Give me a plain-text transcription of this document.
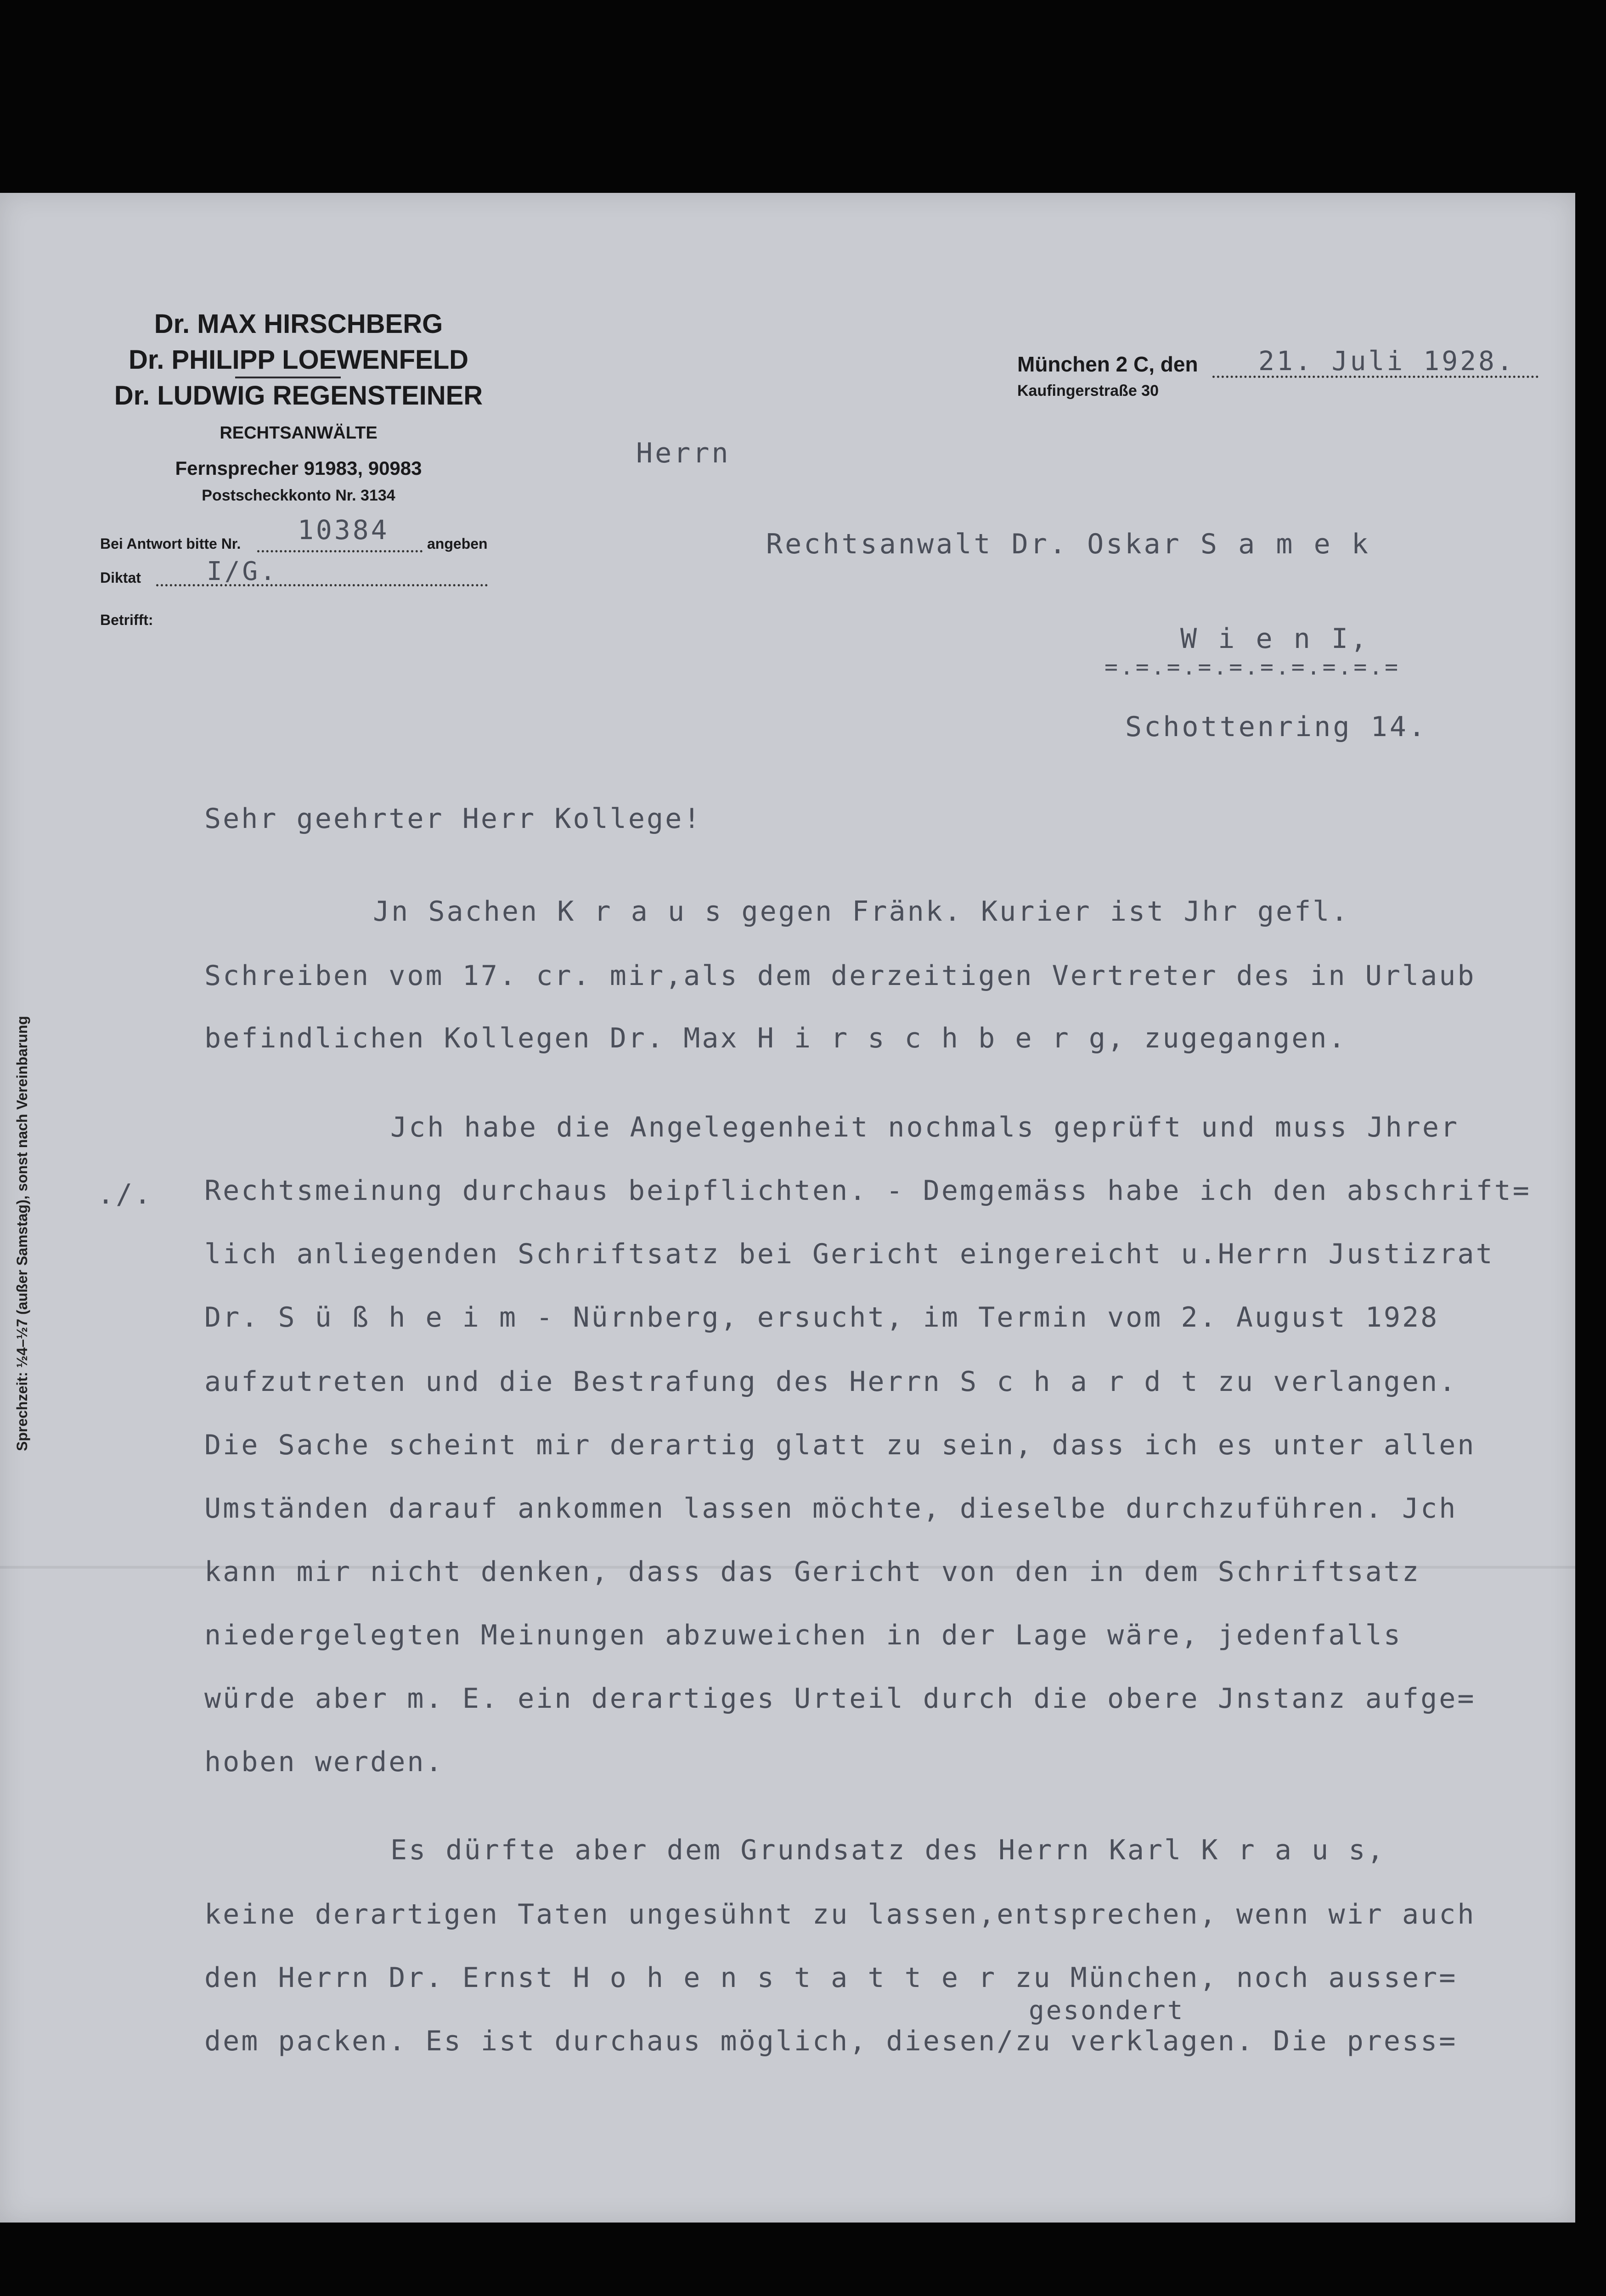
Dr. MAX HIRSCHBERG
Dr. PHILIPP LOEWENFELD
Dr. LUDWIG REGENSTEINER
RECHTSANWÄLTE
Fernsprecher 91983, 90983
Postscheckkonto Nr. 3134
Bei Antwort bitte Nr. 10384	angeben
Diktat	I/G.
Betrifft:
München 2 C, den 21. Juli 1928.
Kaufingerstraße 30
Sprechzeit: ½4–½7 (außer Samstag), sonst nach Vereinbarung
Herrn
Rechtsanwalt Dr. Oskar S a m e k
W i e n I,
=.=.=.=.=.=.=.=.=.=
Schottenring 14.
Sehr geehrter Herr Kollege!
Jn Sachen K r a u s gegen Fränk. Kurier ist Jhr gefl.
Schreiben vom 17. cr. mir,als dem derzeitigen Vertreter des in Urlaub
befindlichen Kollegen Dr. Max H i r s c h b e r g, zugegangen.
./.
Jch habe die Angelegenheit nochmals geprüft und muss Jhrer
Rechtsmeinung durchaus beipflichten. - Demgemäss habe ich den abschrift=
lich anliegenden Schriftsatz bei Gericht eingereicht u.Herrn Justizrat
Dr. S ü ß h e i m - Nürnberg, ersucht, im Termin vom 2. August 1928
aufzutreten und die Bestrafung des Herrn S c h a r d t zu verlangen.
Die Sache scheint mir derartig glatt zu sein, dass ich es unter allen
Umständen darauf ankommen lassen möchte, dieselbe durchzuführen. Jch
kann mir nicht denken, dass das Gericht von den in dem Schriftsatz
niedergelegten Meinungen abzuweichen in der Lage wäre, jedenfalls
würde aber m. E. ein derartiges Urteil durch die obere Jnstanz aufge=
hoben werden.
Es dürfte aber dem Grundsatz des Herrn Karl K r a u s,
keine derartigen Taten ungesühnt zu lassen,entsprechen, wenn wir auch
den Herrn Dr. Ernst H o h e n s t a t t e r zu München, noch ausser=
gesondert
dem packen. Es ist durchaus möglich, diesen/zu verklagen. Die press=
